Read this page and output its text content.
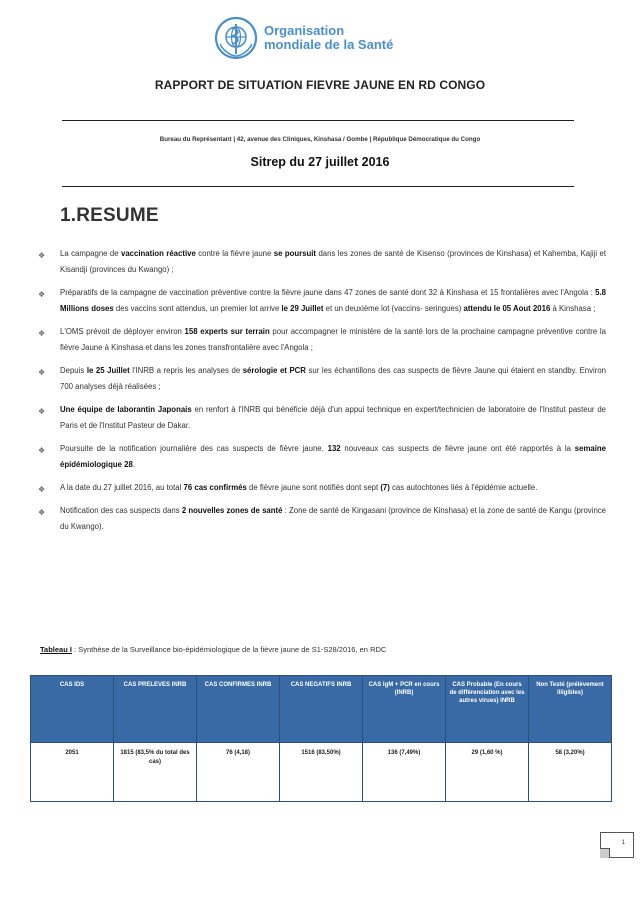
Organisation
mondiale de la Santé
RAPPORT DE SITUATION FIEVRE JAUNE EN RD CONGO
Bureau du Représentant | 42, avenue des Cliniques, Kinshasa / Gombe | République Démocratique du Congo
Sitrep du 27 juillet 2016
1.RESUME
❖ La campagne de vaccination réactive contre la fièvre jaune se poursuit dans les zones de santé de Kisenso (provinces de Kinshasa) et Kahemba, Kajiji et Kisandji (provinces du Kwango) ;
❖ Préparatifs de la campagne de vaccination préventive contre la fièvre jaune dans 47 zones de santé dont 32 à Kinshasa et 15 frontalières avec l'Angola : 5.8 Millions doses des vaccins sont attendus, un premier lot arrive le 29 Juillet et un deuxième lot (vaccins- seringues) attendu le 05 Aout 2016 à Kinshasa ;
❖ L'OMS prévoit de déployer environ 158 experts sur terrain pour accompagner le ministère de la santé lors de la prochaine campagne préventive contre la fièvre Jaune à Kinshasa et dans les zones transfrontalière avec l'Angola ;
❖ Depuis le 25 Juillet l'INRB a repris les analyses de sérologie et PCR sur les échantillons des cas suspects de fièvre Jaune qui étaient en standby. Environ 700 analyses déjà réalisées ;
❖ Une équipe de laborantin Japonais en renfort à l'INRB qui bénéficie déjà d'un appui technique en expert/technicien de laboratoire de l'Institut pasteur de Paris et de l'Institut Pasteur de Dakar.
❖ Poursuite de la notification journalière des cas suspects de fièvre jaune. 132 nouveaux cas suspects de fièvre jaune ont été rapportés à la semaine épidémiologique 28.
❖ A la date du 27 juillet 2016, au total 76 cas confirmés de fièvre jaune sont notifiés dont sept (7) cas autochtones liés à l'épidémie actuelle.
❖ Notification des cas suspects dans 2 nouvelles zones de santé : Zone de santé de Kingasani (province de Kinshasa) et la zone de santé de Kangu (province du Kwango).
Tableau I : Synthèse de la Surveillance bio-épidémiologique de la fièvre jaune de S1-S28/2016, en RDC
CAS IDS	CAS PRELEVES INRB	CAS CONFIRMES INRB	CAS NEGATIFS INRB	CAS IgM + PCR en cours (INRB)	CAS Probable (En cours de différenciation avec les autres virues) INRB	Non Testé (prélèvement illigibles)
2051	1815 (83,5% du total des cas)	76 (4,18)	1516 (83,50%)	136 (7,49%)	29 (1,60 %)	58 (3,20%)
1
